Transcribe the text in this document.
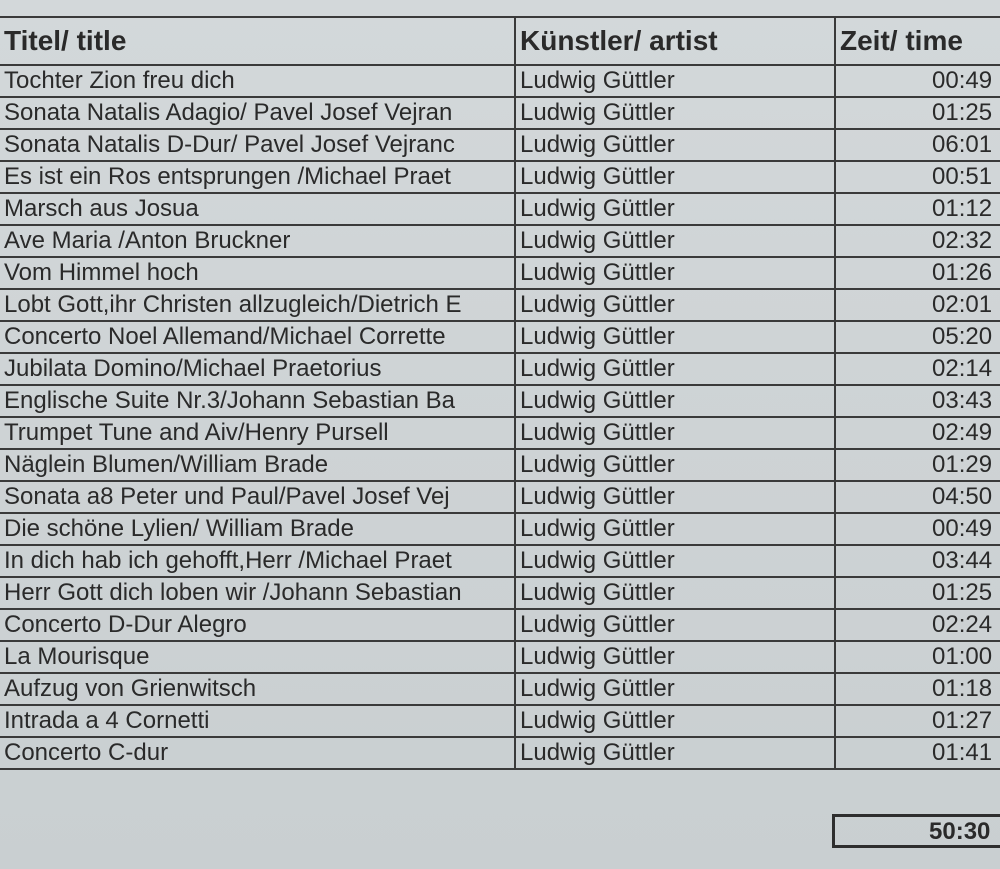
Titel/ title	Künstler/ artist	Zeit/ time
Tochter Zion freu dich	Ludwig Güttler	00:49
Sonata Natalis Adagio/ Pavel Josef Vejran	Ludwig Güttler	01:25
Sonata Natalis D-Dur/ Pavel Josef Vejranc	Ludwig Güttler	06:01
Es ist ein Ros entsprungen /Michael Praet	Ludwig Güttler	00:51
Marsch aus Josua	Ludwig Güttler	01:12
Ave Maria /Anton Bruckner	Ludwig Güttler	02:32
Vom Himmel hoch	Ludwig Güttler	01:26
Lobt Gott,ihr Christen allzugleich/Dietrich E	Ludwig Güttler	02:01
Concerto Noel Allemand/Michael Corrette	Ludwig Güttler	05:20
Jubilata Domino/Michael Praetorius	Ludwig Güttler	02:14
Englische Suite Nr.3/Johann Sebastian Ba	Ludwig Güttler	03:43
Trumpet Tune and Aiv/Henry Pursell	Ludwig Güttler	02:49
Näglein Blumen/William Brade	Ludwig Güttler	01:29
Sonata a8 Peter und Paul/Pavel Josef Vej	Ludwig Güttler	04:50
Die schöne Lylien/ William Brade	Ludwig Güttler	00:49
In dich hab ich gehofft,Herr /Michael Praet	Ludwig Güttler	03:44
Herr Gott dich loben wir /Johann Sebastian	Ludwig Güttler	01:25
Concerto D-Dur Alegro	Ludwig Güttler	02:24
La Mourisque	Ludwig Güttler	01:00
Aufzug von Grienwitsch	Ludwig Güttler	01:18
Intrada a 4 Cornetti	Ludwig Güttler	01:27
Concerto C-dur	Ludwig Güttler	01:41
50:30
